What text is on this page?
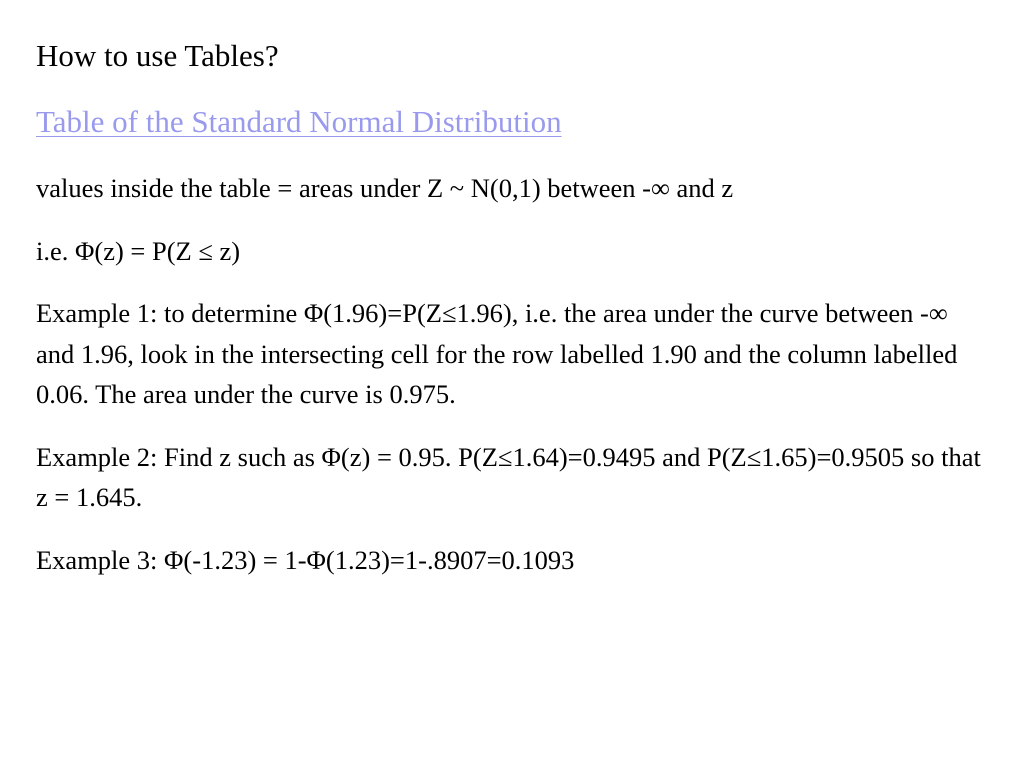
How to use Tables?
Table of the Standard Normal Distribution

values inside the table = areas under Z ~ N(0,1) between -∞ and z

i.e. Φ(z) = P(Z ≤ z)

Example 1: to determine Φ(1.96)=P(Z≤1.96), i.e. the area under the curve between -∞ and 1.96, look in the intersecting cell for the row labelled 1.90 and the column labelled 0.06. The area under the curve is 0.975.

Example 2: Find z such as Φ(z) = 0.95. P(Z≤1.64)=0.9495 and P(Z≤1.65)=0.9505 so that z = 1.645.

Example 3: Φ(-1.23) = 1-Φ(1.23)=1-.8907=0.1093
